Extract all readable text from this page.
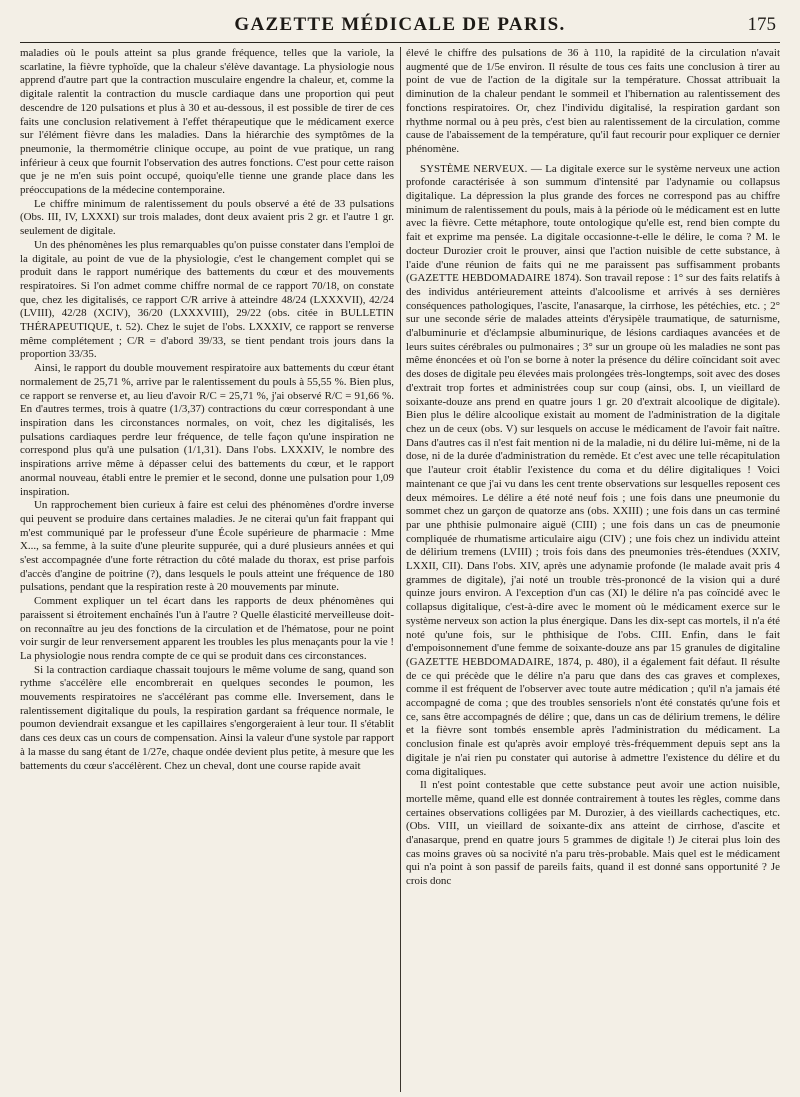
GAZETTE MÉDICALE DE PARIS.	175

maladies où le pouls atteint sa plus grande fréquence, telles que la variole, la scarlatine, la fièvre typhoïde, que la chaleur s'élève davantage. La physiologie nous apprend d'autre part que la contraction musculaire engendre la chaleur, et, comme la digitale ralentit la contraction du muscle cardiaque dans une proportion qui peut descendre de 120 pulsations et plus à 30 et au-dessous, il est possible de tirer de ces faits une conclusion relativement à l'effet thérapeutique que le médicament exerce sur l'élément fièvre dans les maladies. Dans la hiérarchie des symptômes de la pneumonie, la thermométrie clinique occupe, au point de vue pratique, un rang inférieur à ceux que fournit l'observation des autres fonctions. C'est pour cette raison que je ne m'en suis point occupé, quoiqu'elle tienne une grande place dans les préoccupations de la médecine contemporaine.

Le chiffre minimum de ralentissement du pouls observé a été de 33 pulsations (Obs. III, IV, LXXXI) sur trois malades, dont deux avaient pris 2 gr. et l'autre 1 gr. seulement de digitale.

Un des phénomènes les plus remarquables qu'on puisse constater dans l'emploi de la digitale, au point de vue de la physiologie, c'est le changement complet qui se produit dans le rapport numérique des battements du cœur et des mouvements respiratoires. Si l'on admet comme chiffre normal de ce rapport 70/18, on constate que, chez les digitalisés, ce rapport C/R arrive à atteindre 48/24 (LXXXVII), 42/24 (LVIII), 42/28 (XCIV), 36/20 (LXXXVIII), 29/22 (obs. citée in BULLETIN THÉRAPEUTIQUE, t. 52). Chez le sujet de l'obs. LXXXIV, ce rapport se renverse même complétement ; C/R = d'abord 39/33, se tient pendant trois jours dans la proportion 33/35.

Ainsi, le rapport du double mouvement respiratoire aux battements du cœur étant normalement de 25,71 %, arrive par le ralentissement du pouls à 55,55 %. Bien plus, ce rapport se renverse et, au lieu d'avoir R/C = 25,71 %, j'ai observé R/C = 91,66 %. En d'autres termes, trois à quatre (1/3,37) contractions du cœur correspondant à une inspiration dans les circonstances normales, on voit, chez les digitalisés, les pulsations cardiaques perdre leur fréquence, de telle façon qu'une inspiration ne correspond plus qu'à une pulsation (1/1,31). Dans l'obs. LXXXIV, le nombre des inspirations arrive même à dépasser celui des battements du cœur, et le rapport anormal nouveau, établi entre le premier et le second, donne une pulsation pour 1,09 inspiration.

Un rapprochement bien curieux à faire est celui des phénomènes d'ordre inverse qui peuvent se produire dans certaines maladies. Je ne citerai qu'un fait frappant qui m'est communiqué par le professeur d'une École supérieure de pharmacie : Mme X..., sa femme, à la suite d'une pleurite suppurée, qui a duré plusieurs années et qui s'est accompagnée d'une forte rétraction du côté malade du thorax, est prise parfois d'accès d'angine de poitrine (?), dans lesquels le pouls atteint une fréquence de 180 pulsations, pendant que la respiration reste à 20 mouvements par minute.

Comment expliquer un tel écart dans les rapports de deux phénomènes qui paraissent si étroitement enchaînés l'un à l'autre ? Quelle élasticité merveilleuse doit-on reconnaître au jeu des fonctions de la circulation et de l'hématose, pour ne point voir surgir de leur renversement apparent les troubles les plus menaçants pour la vie ! La physiologie nous rendra compte de ce qui se produit dans ces circonstances.

Si la contraction cardiaque chassait toujours le même volume de sang, quand son rythme s'accélère elle encombrerait en quelques secondes le poumon, les mouvements respiratoires ne s'accélérant pas comme elle. Inversement, dans le ralentissement digitalique du pouls, la respiration gardant sa fréquence normale, le poumon deviendrait exsangue et les capillaires s'engorgeraient à leur tour. Il s'établit dans ces deux cas un cours de compensation. Ainsi la valeur d'une systole par rapport à la masse du sang étant de 1/27e, chaque ondée devient plus petite, à mesure que les battements du cœur s'accélèrent. Chez un cheval, dont une course rapide avait

élevé le chiffre des pulsations de 36 à 110, la rapidité de la circulation n'avait augmenté que de 1/5e environ. Il résulte de tous ces faits une conclusion à tirer au point de vue de l'action de la digitale sur la température. Chossat attribuait la diminution de la chaleur pendant le sommeil et l'hibernation au ralentissement des fonctions respiratoires. Or, chez l'individu digitalisé, la respiration gardant son rhythme normal ou à peu près, c'est bien au ralentissement de la circulation, comme cause de l'abaissement de la température, qu'il faut recourir pour expliquer ce dernier phénomène.

SYSTÈME NERVEUX. — La digitale exerce sur le système nerveux une action profonde caractérisée à son summum d'intensité par l'adynamie ou collapsus digitalique. La dépression la plus grande des forces ne correspond pas au chiffre minimum de ralentissement du pouls, mais à la période où le médicament est en lutte avec la fièvre. Cette métaphore, toute ontologique qu'elle est, rend bien compte du fait et exprime ma pensée. La digitale occasionne-t-elle le délire, le coma ? M. le docteur Durozier croit le prouver, ainsi que l'action nuisible de cette substance, à l'aide d'une réunion de faits qui ne me paraissent pas suffisamment probants (GAZETTE HEBDOMADAIRE 1874). Son travail repose : 1° sur des faits relatifs à des individus antérieurement atteints d'alcoolisme et arrivés à ses dernières conséquences pathologiques, l'ascite, l'anasarque, la cirrhose, les pétéchies, etc. ; 2° sur une seconde série de malades atteints d'érysipèle traumatique, de saturnisme, d'albuminurie et d'éclampsie albuminurique, de lésions cardiaques avancées et de leurs suites cérébrales ou pulmonaires ; 3° sur un groupe où les maladies ne sont pas même énoncées et où l'on se borne à noter la présence du délire coïncidant soit avec des doses de digitale peu élevées mais prolongées très-longtemps, soit avec des doses d'extrait trop fortes et administrées coup sur coup (ainsi, obs. I, un vieillard de soixante-douze ans prend en quatre jours 1 gr. 20 d'extrait alcoolique de digitale). Bien plus le délire alcoolique existait au moment de l'administration de la digitale chez un de ceux (obs. V) sur lesquels on accuse le médicament de l'avoir fait naître. Dans d'autres cas il n'est fait mention ni de la maladie, ni du délire lui-même, ni de la dose, ni de la durée d'administration du remède. Et c'est avec une telle récapitulation que l'auteur croit établir l'existence du coma et du délire digitaliques ! Voici maintenant ce que j'ai vu dans les cent trente observations sur lesquelles reposent ces deux mémoires. Le délire a été noté neuf fois ; une fois dans une pneumonie du sommet chez un garçon de quatorze ans (obs. XXIII) ; une fois dans un cas terminé par une phthisie pulmonaire aiguë (CIII) ; une fois dans un cas de pneumonie compliquée de rhumatisme articulaire aigu (CIV) ; une fois chez un individu atteint de délirium tremens (LVIII) ; trois fois dans des pneumonies très-étendues (XXIV, LXXII, CII). Dans l'obs. XIV, après une adynamie profonde (le malade avait pris 4 grammes de digitale), j'ai noté un trouble très-prononcé de la vision qui a duré quinze jours environ. A l'exception d'un cas (XI) le délire n'a pas coïncidé avec le collapsus digitalique, c'est-à-dire avec le moment où le médicament exerce sur le système nerveux son action la plus énergique. Dans les dix-sept cas mortels, il n'a été noté qu'une fois, sur le phthisique de l'obs. CIII. Enfin, dans le fait d'empoisonnement d'une femme de soixante-douze ans par 15 granules de digitaline (GAZETTE HEBDOMADAIRE, 1874, p. 480), il a également fait défaut. Il résulte de ce qui précède que le délire n'a paru que dans des cas graves et complexes, comme il est fréquent de l'observer avec toute autre médication ; qu'il n'a jamais été accompagné de coma ; que des troubles sensoriels n'ont été constatés qu'une fois et ce, sans être accompagnés de délire ; que, dans un cas de délirium tremens, le délire et la fièvre sont tombés ensemble après l'administration du médicament. La conclusion finale est qu'après avoir employé très-fréquemment depuis sept ans la digitale je n'ai rien pu constater qui autorise à admettre l'existence du délire et du coma digitaliques.

Il n'est point contestable que cette substance peut avoir une action nuisible, mortelle même, quand elle est donnée contrairement à toutes les règles, comme dans certaines observations colligées par M. Durozier, à des vieillards cachectiques, etc. (Obs. VIII, un vieillard de soixante-dix ans atteint de cirrhose, d'ascite et d'anasarque, prend en quatre jours 5 grammes de digitale !) Je citerai plus loin des cas moins graves où sa nocivité n'a paru très-probable. Mais quel est le médicament qui n'a point à son passif de pareils faits, quand il est donné sans opportunité ? Je crois donc
